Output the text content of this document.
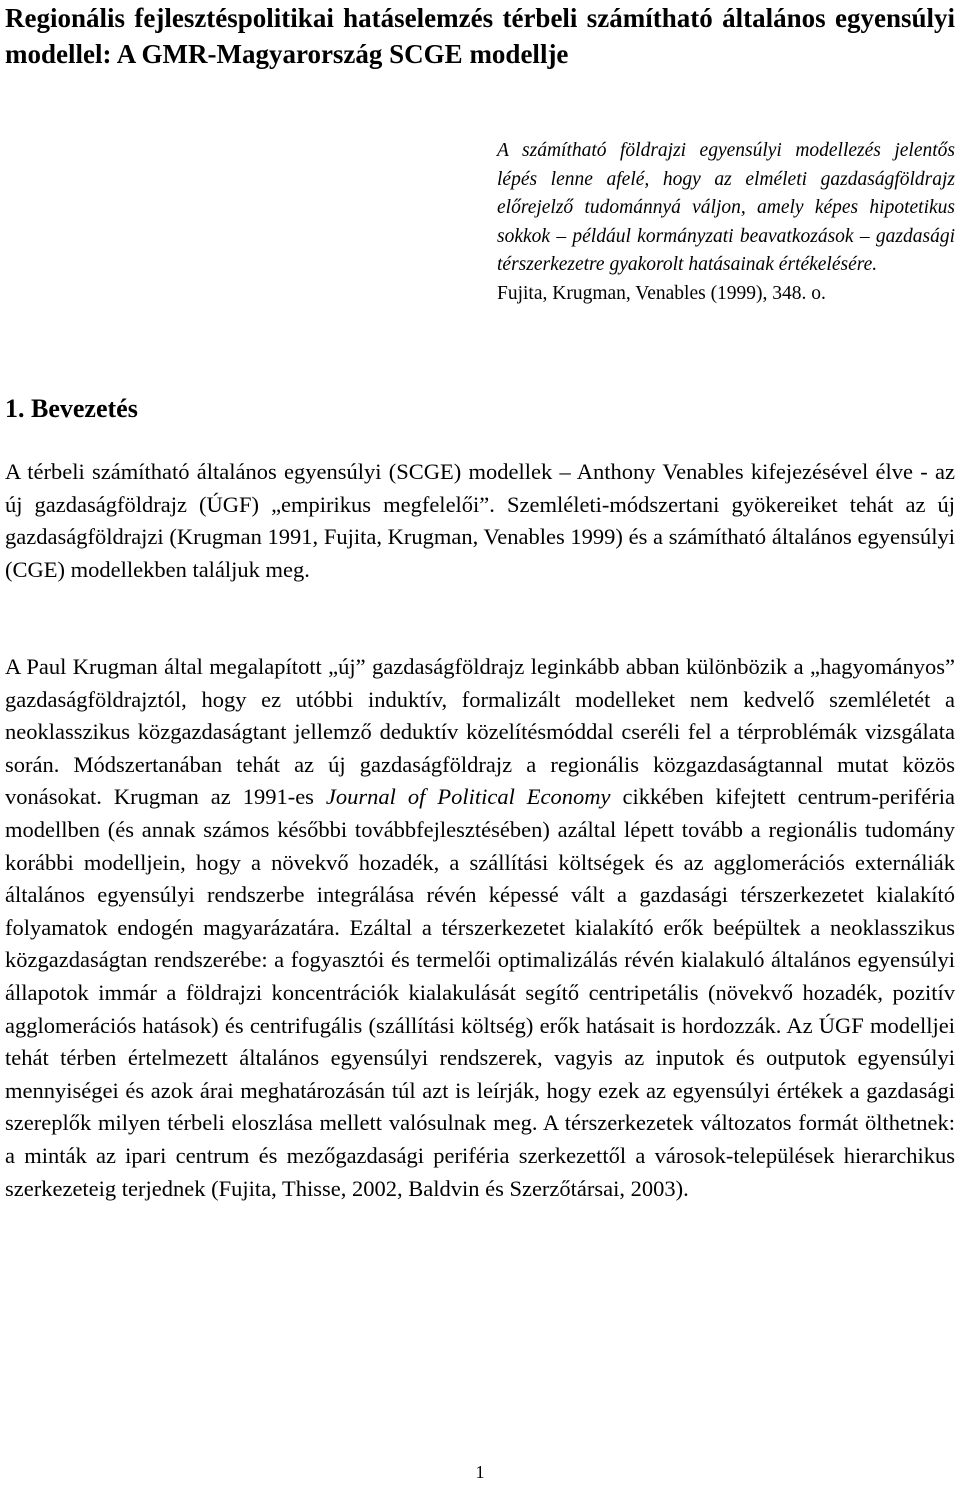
Regionális fejlesztéspolitikai hatáselemzés térbeli számítható általános egyensúlyi modellel: A GMR-Magyarország SCGE modellje

A számítható földrajzi egyensúlyi modellezés jelentős lépés lenne afelé, hogy az elméleti gazdaságföldrajz előrejelző tudománnyá váljon, amely képes hipotetikus sokkok – például kormányzati beavatkozások – gazdasági térszerkezetre gyakorolt hatásainak értékelésére.

Fujita, Krugman, Venables (1999), 348. o.

1. Bevezetés

A térbeli számítható általános egyensúlyi (SCGE) modellek – Anthony Venables kifejezésével élve - az új gazdaságföldrajz (ÚGF) „empirikus megfelelői”. Szemléleti-módszertani gyökereiket tehát az új gazdaságföldrajzi (Krugman 1991, Fujita, Krugman, Venables 1999) és a számítható általános egyensúlyi (CGE) modellekben találjuk meg.

A Paul Krugman által megalapított „új” gazdaságföldrajz leginkább abban különbözik a „hagyományos” gazdaságföldrajztól, hogy ez utóbbi induktív, formalizált modelleket nem kedvelő szemléletét a neoklasszikus közgazdaságtant jellemző deduktív közelítésmóddal cseréli fel a térproblémák vizsgálata során. Módszertanában tehát az új gazdaságföldrajz a regionális közgazdaságtannal mutat közös vonásokat. Krugman az 1991-es Journal of Political Economy cikkében kifejtett centrum-periféria modellben (és annak számos későbbi továbbfejlesztésében) azáltal lépett tovább a regionális tudomány korábbi modelljein, hogy a növekvő hozadék, a szállítási költségek és az agglomerációs externáliák általános egyensúlyi rendszerbe integrálása révén képessé vált a gazdasági térszerkezetet kialakító folyamatok endogén magyarázatára. Ezáltal a térszerkezetet kialakító erők beépültek a neoklasszikus közgazdaságtan rendszerébe: a fogyasztói és termelői optimalizálás révén kialakuló általános egyensúlyi állapotok immár a földrajzi koncentrációk kialakulását segítő centripetális (növekvő hozadék, pozitív agglomerációs hatások) és centrifugális (szállítási költség) erők hatásait is hordozzák. Az ÚGF modelljei tehát térben értelmezett általános egyensúlyi rendszerek, vagyis az inputok és outputok egyensúlyi mennyiségei és azok árai meghatározásán túl azt is leírják, hogy ezek az egyensúlyi értékek a gazdasági szereplők milyen térbeli eloszlása mellett valósulnak meg. A térszerkezetek változatos formát ölthetnek: a minták az ipari centrum és mezőgazdasági periféria szerkezettől a városok-települések hierarchikus szerkezeteig terjednek (Fujita, Thisse, 2002, Baldvin és Szerzőtársai, 2003).

1
